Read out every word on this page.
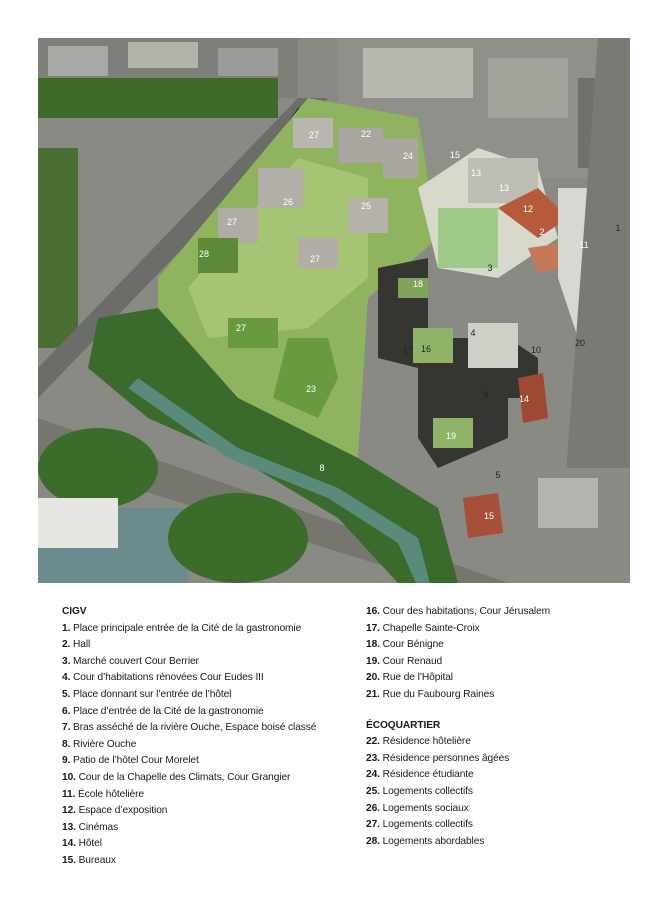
1
2
3
4
5
8
9
10
11
12
13
13
14
15
15
16
17
18
19
20
22
23
24
25
26
27
27
27
27
28
CIGV
1. Place principale entrée de la Cité de la gastronomie
2. Hall
3. Marché couvert Cour Berrier
4. Cour d’habitations rénovées Cour Eudes III
5. Place donnant sur l’entrée de l’hôtel
6. Place d’entrée de la Cité de la gastronomie
7. Bras asséché de la rivière Ouche, Espace boisé classé
8. Rivière Ouche
9. Patio de l’hôtel Cour Morelet
10. Cour de la Chapelle des Climats, Cour Grangier
11. École hôtelière
12. Espace d’exposition
13. Cinémas
14. Hôtel
15. Bureaux
16. Cour des habitations, Cour Jérusalem
17. Chapelle Sainte-Croix
18. Cour Bénigne
19. Cour Renaud
20. Rue de l’Hôpital
21. Rue du Faubourg Raines
ÉCOQUARTIER
22. Résidence hôtelière
23. Résidence personnes âgées
24. Résidence étudiante
25. Logements collectifs
26. Logements sociaux
27. Logements collectifs
28. Logements abordables
